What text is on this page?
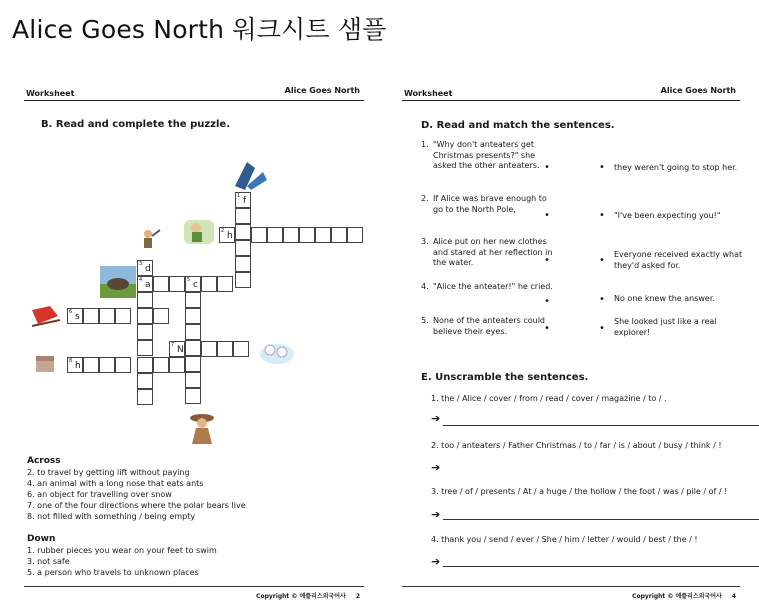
Alice Goes North 워크시트 샘플
Worksheet	Alice Goes North
B. Read and complete the puzzle.
1 f
2 h
3 d
4 a	5 c
6 s
7 N
8 h
Across
2. to travel by getting lift without paying
4. an animal with a long nose that eats ants
6. an object for travelling over snow
7. one of the four directions where the polar bears live
8. not filled with something / being empty
Down
1. rubber pieces you wear on your feet to swim
3. not safe
5. a person who travels to unknown places
Copyright © 애플리스외국어사 2
Worksheet	Alice Goes North
D. Read and match the sentences.
1. "Why don't anteaters get Christmas presents?" she asked the other anteaters.
2. If Alice was brave enough to go to the North Pole,
3. Alice put on her new clothes and stared at her reflection in the water.
4. "Alice the anteater!" he cried.
5. None of the anteaters could believe their eyes.
•
•
•
•
•
•
•
•
•
•
they weren't going to stop her.
"I've been expecting you!"
Everyone received exactly what they'd asked for.
No one knew the answer.
She looked just like a real explorer!
E. Unscramble the sentences.
1. the / Alice / cover / from / read / cover / magazine / to / .
➔
2. too / anteaters / Father Christmas / to / far / is / about / busy / think / !
➔
3. tree / of / presents / At / a huge / the hollow / the foot / was / pile / of / !
➔
4. thank you / send / ever / She / him / letter / would / best / the / !
➔
Copyright © 애플리스외국어사 4
